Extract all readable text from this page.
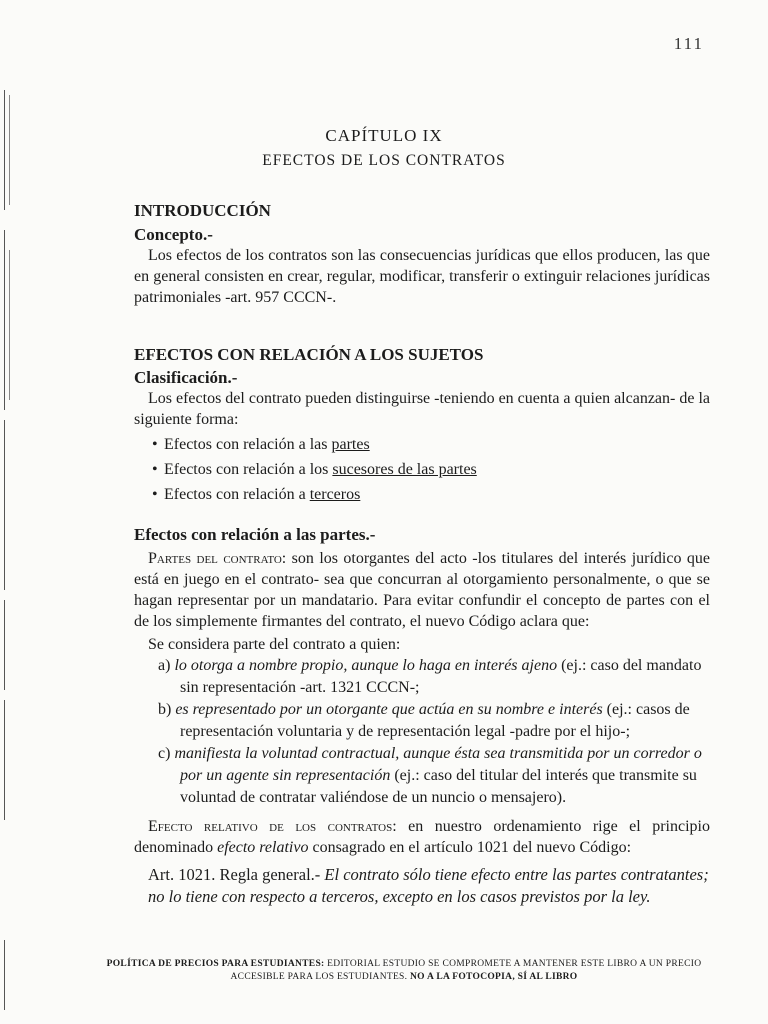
111
CAPÍTULO IX
EFECTOS DE LOS CONTRATOS
INTRODUCCIÓN
Concepto.-
Los efectos de los contratos son las consecuencias jurídicas que ellos producen, las que en general consisten en crear, regular, modificar, transferir o extinguir relaciones jurídicas patrimoniales -art. 957 CCCN-.
EFECTOS CON RELACIÓN A LOS SUJETOS
Clasificación.-
Los efectos del contrato pueden distinguirse -teniendo en cuenta a quien alcanzan- de la siguiente forma:
• Efectos con relación a las partes
• Efectos con relación a los sucesores de las partes
• Efectos con relación a terceros
Efectos con relación a las partes.-
Partes del contrato: son los otorgantes del acto -los titulares del interés jurídico que está en juego en el contrato- sea que concurran al otorgamiento personalmente, o que se hagan representar por un mandatario. Para evitar confundir el concepto de partes con el de los simplemente firmantes del contrato, el nuevo Código aclara que:
Se considera parte del contrato a quien:
a) lo otorga a nombre propio, aunque lo haga en interés ajeno (ej.: caso del mandato sin representación -art. 1321 CCCN-;
b) es representado por un otorgante que actúa en su nombre e interés (ej.: casos de representación voluntaria y de representación legal -padre por el hijo-;
c) manifiesta la voluntad contractual, aunque ésta sea transmitida por un corredor o por un agente sin representación (ej.: caso del titular del interés que transmite su voluntad de contratar valiéndose de un nuncio o mensajero).
Efecto relativo de los contratos: en nuestro ordenamiento rige el principio denominado efecto relativo consagrado en el artículo 1021 del nuevo Código:
Art. 1021. Regla general.- El contrato sólo tiene efecto entre las partes contratantes; no lo tiene con respecto a terceros, excepto en los casos previstos por la ley.
POLÍTICA DE PRECIOS PARA ESTUDIANTES: EDITORIAL ESTUDIO SE COMPROMETE A MANTENER ESTE LIBRO A UN PRECIO ACCESIBLE PARA LOS ESTUDIANTES. NO A LA FOTOCOPIA, SÍ AL LIBRO
